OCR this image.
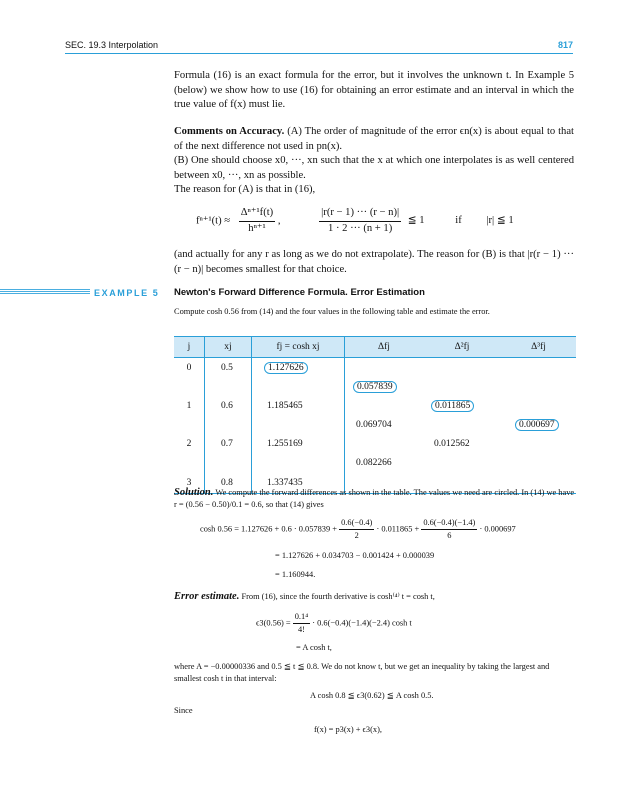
SEC. 19.3 Interpolation	817
Formula (16) is an exact formula for the error, but it involves the unknown t. In Example 5 (below) we show how to use (16) for obtaining an error estimate and an interval in which the true value of f(x) must lie.
Comments on Accuracy. (A) The order of magnitude of the error ϵn(x) is about equal to that of the next difference not used in pn(x).
(B) One should choose x0, ···, xn such that the x at which one interpolates is as well centered between x0, ···, xn as possible.
The reason for (A) is that in (16),
$f^{n+1}(t) \approx \frac{\text{Δⁿ⁺¹f(t)}}{\text{hⁿ⁺¹}}$ ,	$\frac{|r(r - 1) \cdot\cdot\cdot (r - n)|}{1 \cdot 2 \cdot\cdot\cdot (n + 1)}$ ≦ 1	if |r| ≦ 1
(and actually for any r as long as we do not extrapolate). The reason for (B) is that |r(r − 1) ··· (r − n)| becomes smallest for that choice.
EXAMPLE 5 Newton's Forward Difference Formula. Error Estimation
Compute cosh 0.56 from (14) and the four values in the following table and estimate the error.
j	xj	fj = cosh xj	Δfj	Δ²fj	Δ³fj
0	0.5	1.127626			
			0.057839		
1	0.6	1.185465		0.011865	
			0.069704		0.000697
2	0.7	1.255169		0.012562	
			0.082266		
3	0.8	1.337435			
Solution. We compute the forward differences as shown in the table. The values we need are circled. In (14) we have r = (0.56 − 0.50)/0.1 = 0.6, so that (14) gives
$\cosh 0.56 = 1.127626 + 0.6 \cdot 0.057839 + \frac{0.6(-0.4)}{2} \cdot 0.011865 + \frac{0.6(-0.4)(-1.4)}{6} \cdot 0.000697$
= 1.127626 + 0.034703 − 0.001424 + 0.000039
= 1.160944.
Error estimate. From (16), since the fourth derivative is cosh⁽⁴⁾ t = cosh t,
$\epsilon 3(0.56) = \frac{\text{0.1⁴}}{4!} \cdot 0.6(-0.4)(-1.4)(-2.4)$ cosh t
= A cosh t,
where A = −0.00000336 and 0.5 ≦ t ≦ 0.8. We do not know t, but we get an inequality by taking the largest and smallest cosh t in that interval:
A cosh 0.8 ≦ ϵ3(0.62) ≦ A cosh 0.5.
Since
f(x) = p3(x) + ϵ3(x),
